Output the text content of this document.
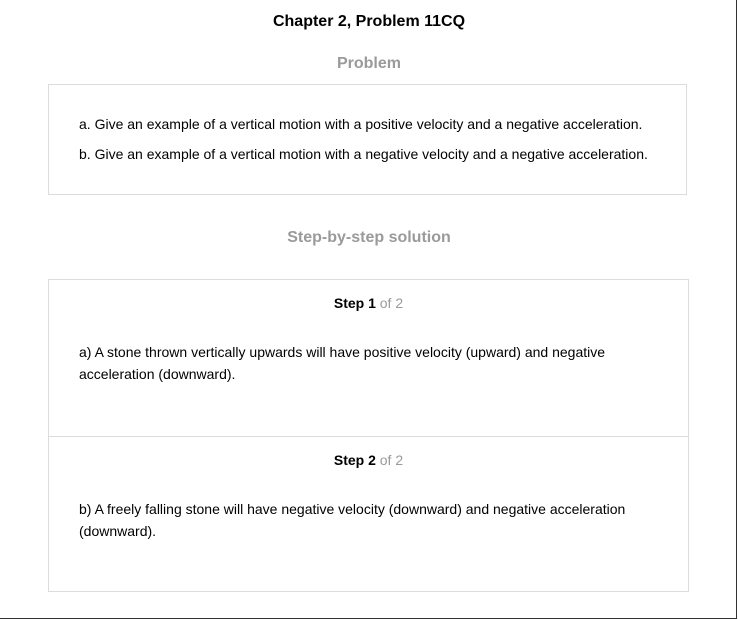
Chapter 2, Problem 11CQ
Problem
a. Give an example of a vertical motion with a positive velocity and a negative acceleration.
b. Give an example of a vertical motion with a negative velocity and a negative acceleration.
Step-by-step solution
Step 1 of 2
a) A stone thrown vertically upwards will have positive velocity (upward) and negative acceleration (downward).
Step 2 of 2
b) A freely falling stone will have negative velocity (downward) and negative acceleration (downward).
